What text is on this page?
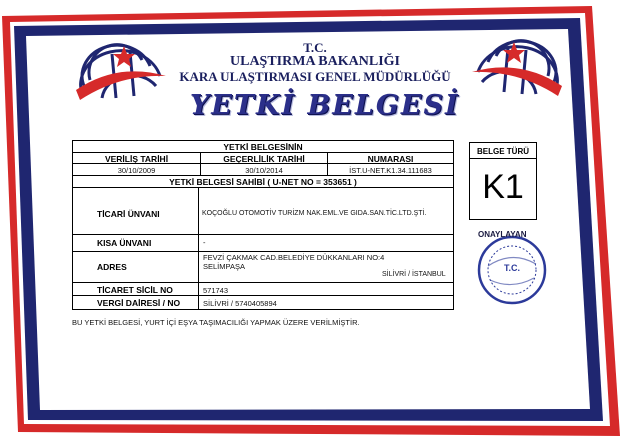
T.C.
ULAŞTIRMA BAKANLIĞI
KARA ULAŞTIRMASI GENEL MÜDÜRLÜĞÜ
YETKİ BELGESİ
YETKİ BELGESİNİN
VERİLİŞ TARİHİ	GEÇERLİLİK TARİHİ	NUMARASI
30/10/2009	30/10/2014	İST.U-NET.K1.34.111683
YETKİ BELGESİ SAHİBİ ( U-NET NO = 353651 )
TİCARİ ÜNVANI	KOÇOĞLU OTOMOTİV TURİZM NAK.EML.VE GIDA.SAN.TİC.LTD.ŞTİ.
KISA ÜNVANI	-
ADRES
FEVZİ ÇAKMAK CAD.BELEDİYE DÜKKANLARI NO:4
SELİMPAŞA
SİLİVRİ / İSTANBUL
TİCARET SİCİL NO	571743
VERGİ DAİRESİ / NO	SİLİVRİ / 5740405894
BELGE TÜRÜ
K1
ONAYLAYAN
T.C.
BU YETKİ BELGESİ, YURT İÇİ EŞYA TAŞIMACILIĞI YAPMAK ÜZERE VERİLMİŞTİR.
